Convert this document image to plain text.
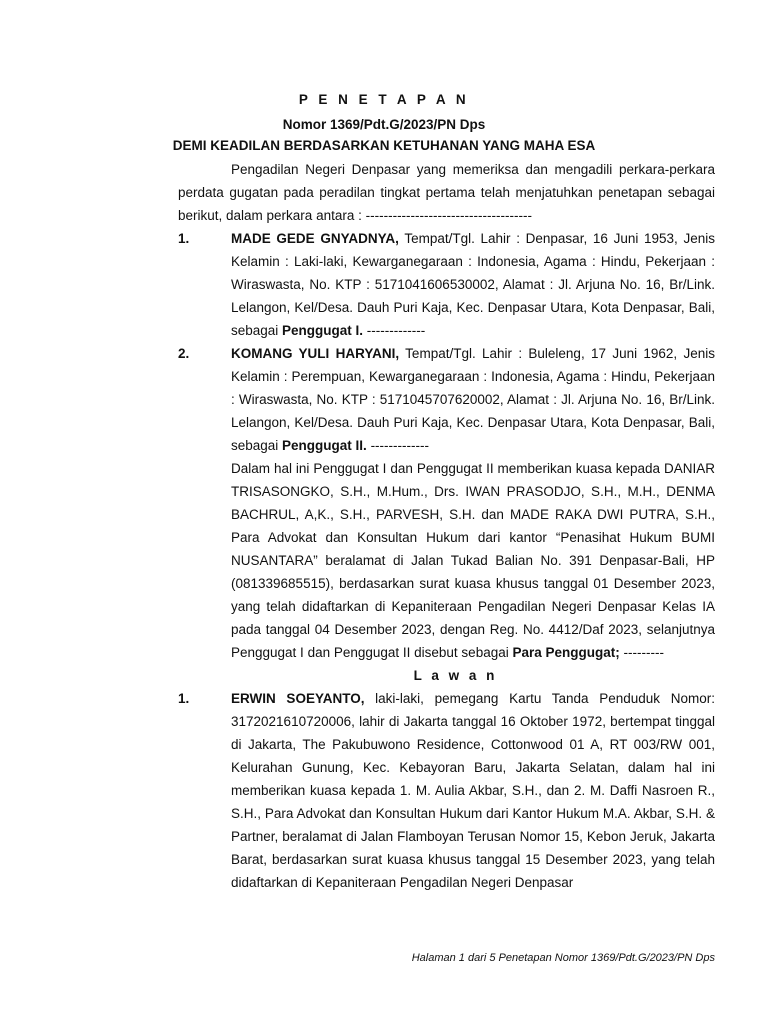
P E N E T A P A N
Nomor 1369/Pdt.G/2023/PN Dps
DEMI KEADILAN BERDASARKAN KETUHANAN YANG MAHA ESA

Pengadilan Negeri Denpasar yang memeriksa dan mengadili perkara-perkara perdata gugatan pada peradilan tingkat pertama telah menjatuhkan penetapan sebagai berikut, dalam perkara antara : -------------------------------------

1.	MADE GEDE GNYADNYA, Tempat/Tgl. Lahir : Denpasar, 16 Juni 1953, Jenis Kelamin : Laki-laki, Kewarganegaraan : Indonesia, Agama : Hindu, Pekerjaan : Wiraswasta, No. KTP : 5171041606530002, Alamat : Jl. Arjuna No. 16, Br/Link. Lelangon, Kel/Desa. Dauh Puri Kaja, Kec. Denpasar Utara, Kota Denpasar, Bali, sebagai Penggugat I. -------------
2.	KOMANG YULI HARYANI, Tempat/Tgl. Lahir : Buleleng, 17 Juni 1962, Jenis Kelamin : Perempuan, Kewarganegaraan : Indonesia, Agama : Hindu, Pekerjaan : Wiraswasta, No. KTP : 5171045707620002, Alamat : Jl. Arjuna No. 16, Br/Link. Lelangon, Kel/Desa. Dauh Puri Kaja, Kec. Denpasar Utara, Kota Denpasar, Bali, sebagai Penggugat II. -------------
Dalam hal ini Penggugat I dan Penggugat II memberikan kuasa kepada DANIAR TRISASONGKO, S.H., M.Hum., Drs. IWAN PRASODJO, S.H., M.H., DENMA BACHRUL, A,K., S.H., PARVESH, S.H. dan MADE RAKA DWI PUTRA, S.H., Para Advokat dan Konsultan Hukum dari kantor “Penasihat Hukum BUMI NUSANTARA” beralamat di Jalan Tukad Balian No. 391 Denpasar-Bali, HP (081339685515), berdasarkan surat kuasa khusus tanggal 01 Desember 2023, yang telah didaftarkan di Kepaniteraan Pengadilan Negeri Denpasar Kelas IA pada tanggal 04 Desember 2023, dengan Reg. No. 4412/Daf 2023, selanjutnya Penggugat I dan Penggugat II disebut sebagai Para Penggugat; ---------

L a w a n

1.	ERWIN SOEYANTO, laki-laki, pemegang Kartu Tanda Penduduk Nomor: 3172021610720006, lahir di Jakarta tanggal 16 Oktober 1972, bertempat tinggal di Jakarta, The Pakubuwono Residence, Cottonwood 01 A, RT 003/RW 001, Kelurahan Gunung, Kec. Kebayoran Baru, Jakarta Selatan, dalam hal ini memberikan kuasa kepada 1. M. Aulia Akbar, S.H., dan 2. M. Daffi Nasroen R., S.H., Para Advokat dan Konsultan Hukum dari Kantor Hukum M.A. Akbar, S.H. & Partner, beralamat di Jalan Flamboyan Terusan Nomor 15, Kebon Jeruk, Jakarta Barat, berdasarkan surat kuasa khusus tanggal 15 Desember 2023, yang telah didaftarkan di Kepaniteraan Pengadilan Negeri Denpasar
Halaman 1 dari 5 Penetapan Nomor 1369/Pdt.G/2023/PN Dps
